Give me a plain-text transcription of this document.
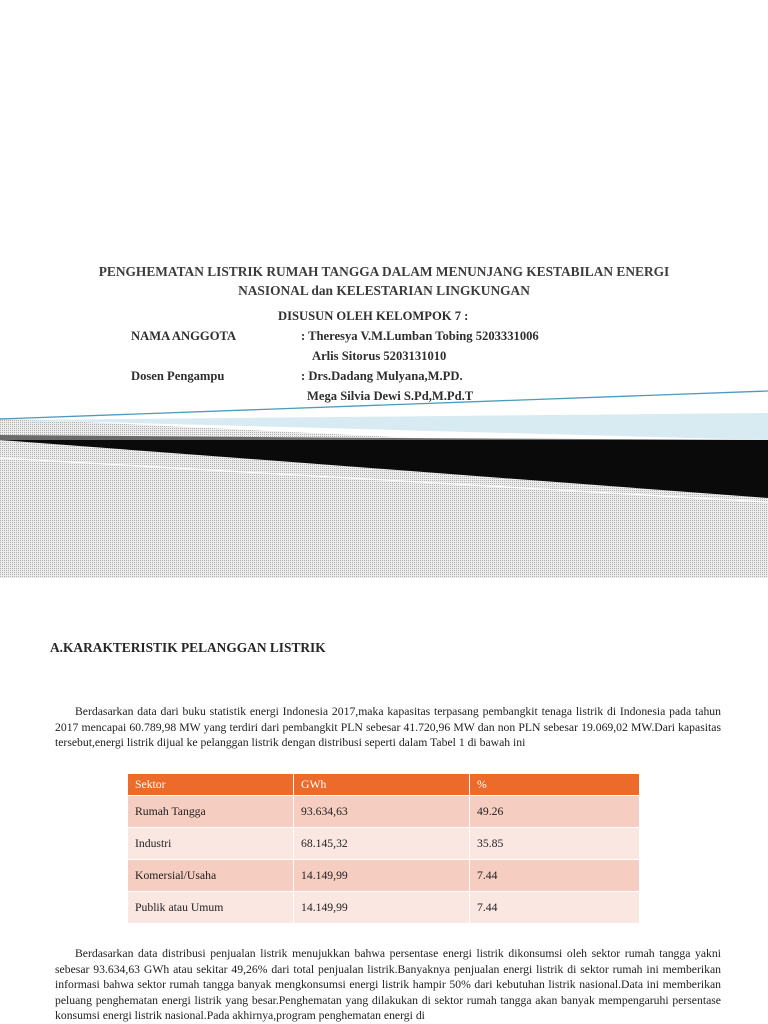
PENGHEMATAN LISTRIK RUMAH TANGGA DALAM MENUNJANG KESTABILAN ENERGI
NASIONAL dan KELESTARIAN LINGKUNGAN
DISUSUN OLEH KELOMPOK 7 :
NAMA ANGGOTA	: Theresya V.M.Lumban Tobing 5203331006
Arlis Sitorus 5203131010
Dosen Pengampu	: Drs.Dadang Mulyana,M.PD.
Mega Silvia Dewi S.Pd,M.Pd.T
A.KARAKTERISTIK PELANGGAN LISTRIK
Berdasarkan data dari buku statistik energi Indonesia 2017,maka kapasitas terpasang pembangkit tenaga listrik di Indonesia pada tahun 2017 mencapai 60.789,98 MW yang terdiri dari pembangkit PLN sebesar 41.720,96 MW dan non PLN sebesar 19.069,02 MW.Dari kapasitas tersebut,energi listrik dijual ke pelanggan listrik dengan distribusi seperti dalam Tabel 1 di bawah ini
Sektor	GWh	%
Rumah Tangga	93.634,63	49.26
Industri	68.145,32	35.85
Komersial/Usaha	14.149,99	7.44
Publik atau Umum	14.149,99	7.44
Berdasarkan data distribusi penjualan listrik menujukkan bahwa persentase energi listrik dikonsumsi oleh sektor rumah tangga yakni sebesar 93.634,63 GWh atau sekitar 49,26% dari total penjualan listrik.Banyaknya penjualan energi listrik di sektor rumah ini memberikan informasi bahwa sektor rumah tangga banyak mengkonsumsi energi listrik hampir 50% dari kebutuhan listrik nasional.Data ini memberikan peluang penghematan energi listrik yang besar.Penghematan yang dilakukan di sektor rumah tangga akan banyak mempengaruhi persentase konsumsi energi listrik nasional.Pada akhirnya,program penghematan energi di
